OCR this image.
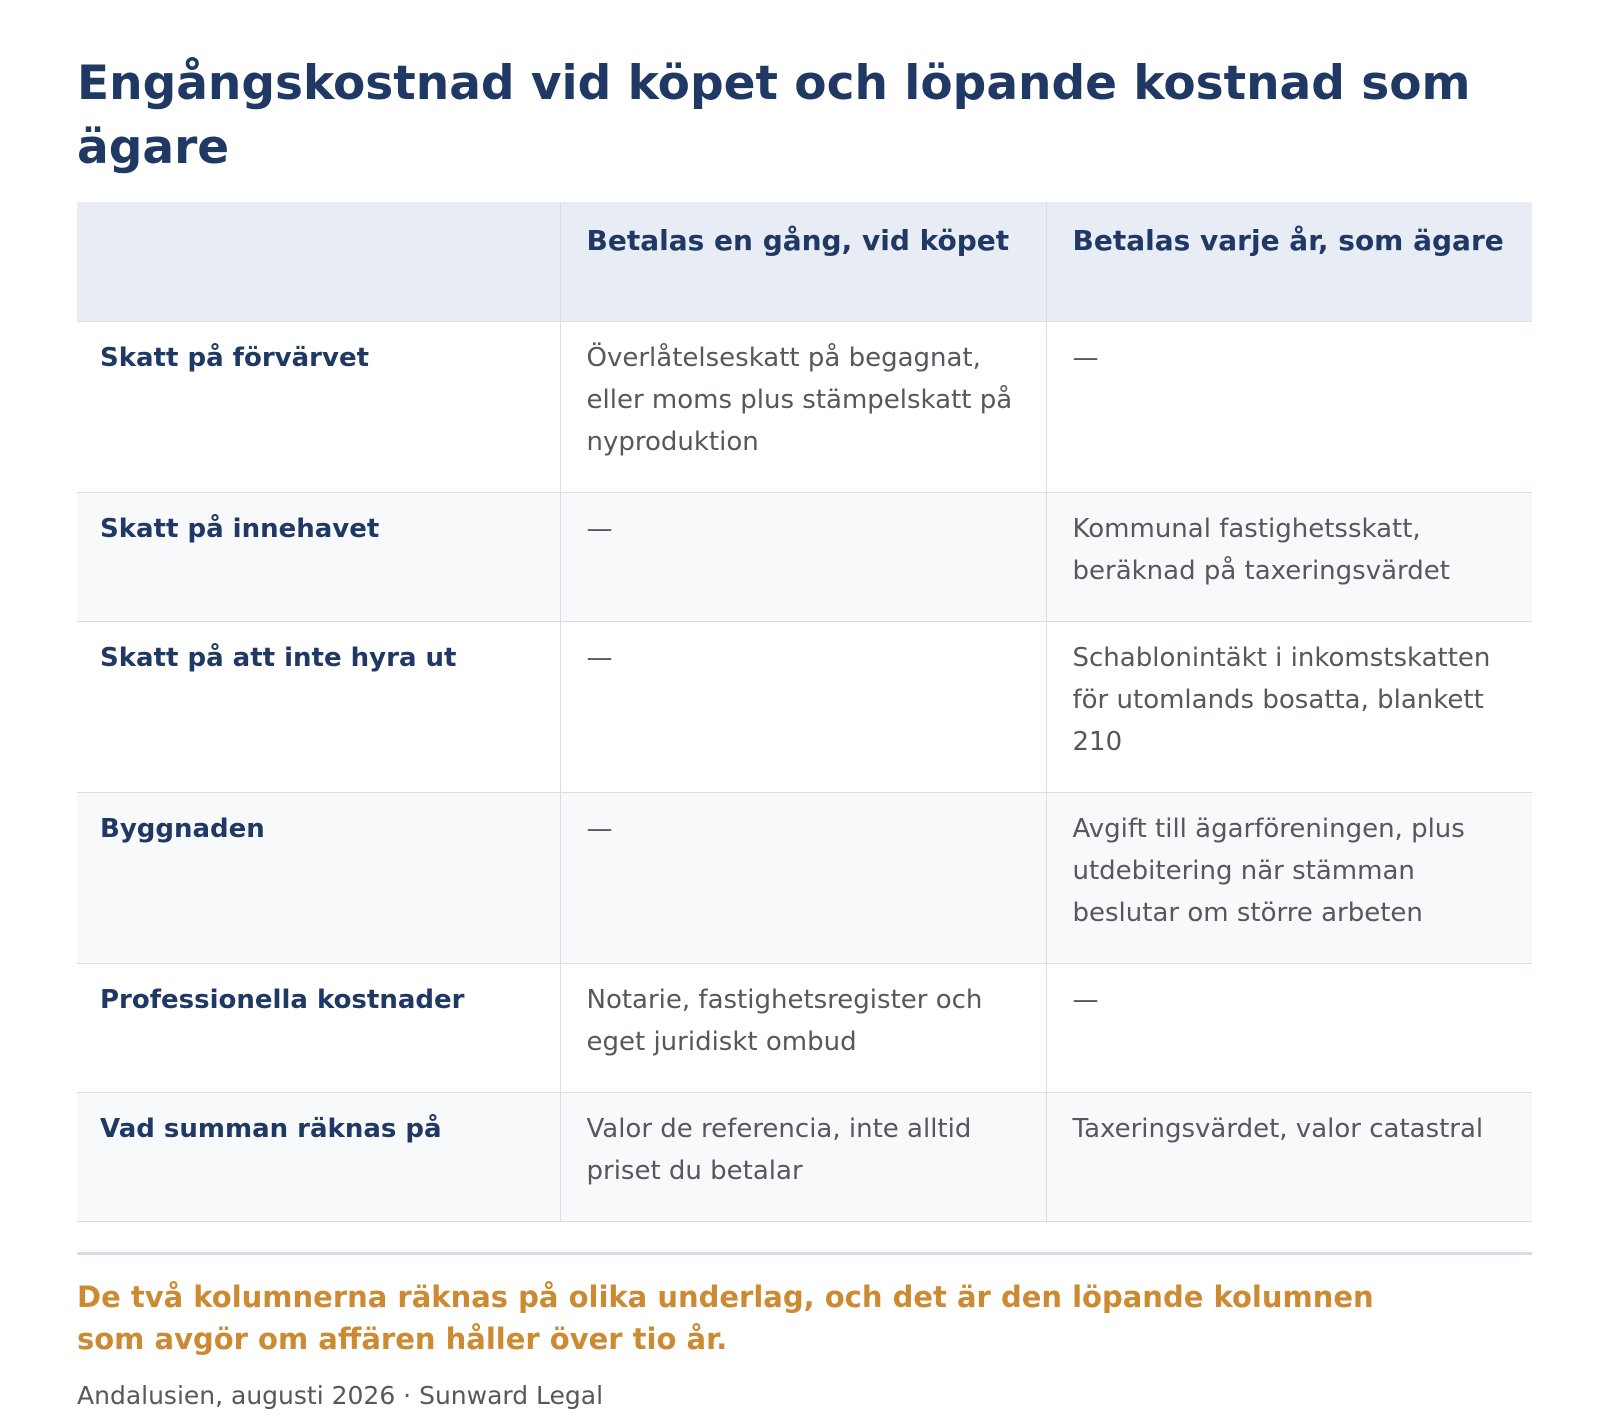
Engångskostnad vid köpet och löpande kostnad som ägare
	Betalas en gång, vid köpet	Betalas varje år, som ägare
Skatt på förvärvet	Överlåtelseskatt på begagnat, eller moms plus stämpelskatt på nyproduktion	—
Skatt på innehavet	—	Kommunal fastighetsskatt, beräknad på taxeringsvärdet
Skatt på att inte hyra ut	—	Schablonintäkt i inkomstskatten för utomlands bosatta, blankett 210
Byggnaden	—	Avgift till ägarföreningen, plus utdebitering när stämman beslutar om större arbeten
Professionella kostnader	Notarie, fastighetsregister och eget juridiskt ombud	—
Vad summan räknas på	Valor de referencia, inte alltid priset du betalar	Taxeringsvärdet, valor catastral

De två kolumnerna räknas på olika underlag, och det är den löpande kolumnen som avgör om affären håller över tio år.

Andalusien, augusti 2026 · Sunward Legal
